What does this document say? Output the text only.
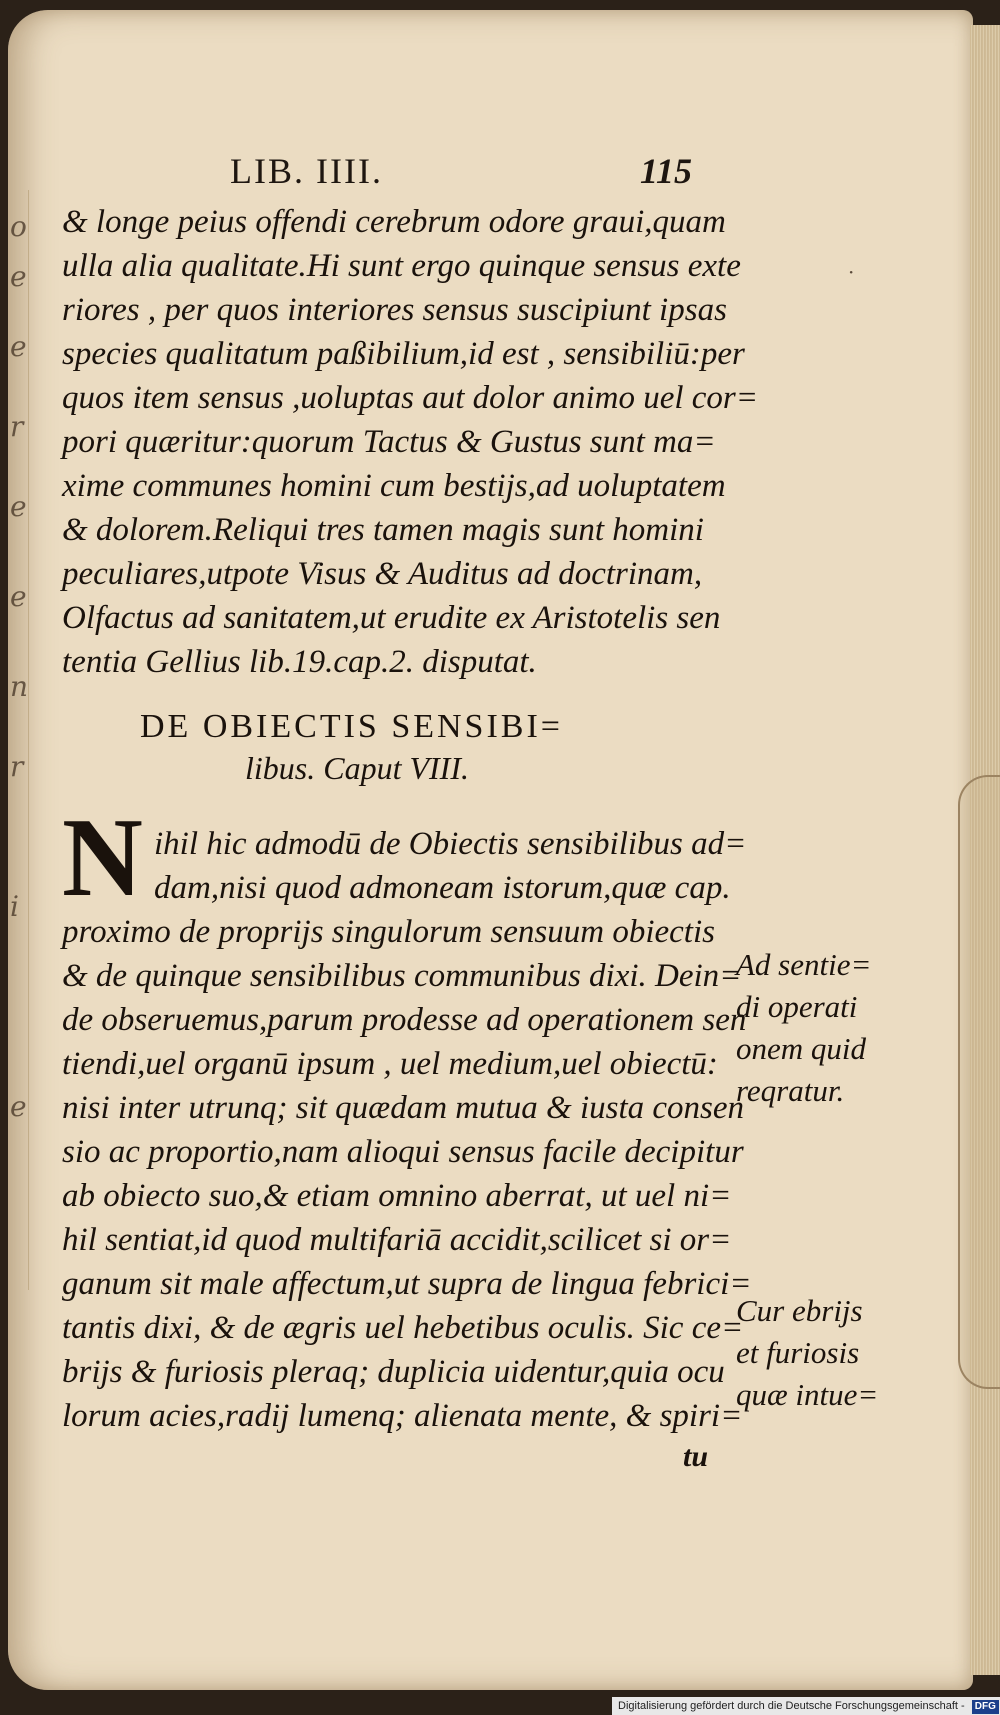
o
e
e
r
e
e
n
r
i
e
LIB. IIII.	115
·
& longe peius offendi cerebrum odore graui,quam
ulla alia qualitate.Hi sunt ergo quinque sensus exte
riores , per quos interiores sensus suscipiunt ipsas
species qualitatum paßibilium,id est , sensibiliū:per
quos item sensus ,uoluptas aut dolor animo uel cor=
pori quæritur:quorum Tactus & Gustus sunt ma=
xime communes homini cum bestijs,ad uoluptatem
& dolorem.Reliqui tres tamen magis sunt homini
peculiares,utpote Visus & Auditus ad doctrinam,
Olfactus ad sanitatem,ut erudite ex Aristotelis sen
tentia Gellius lib.19.cap.2. disputat.
DE OBIECTIS SENSIBI=
libus. Caput VIII.
N ihil hic admodū de Obiectis sensibilibus ad=
dam,nisi quod admoneam istorum,quæ cap.
proximo de proprijs singulorum sensuum obiectis
& de quinque sensibilibus communibus dixi. Dein=
de obseruemus,parum prodesse ad operationem sen
tiendi,uel organū ipsum , uel medium,uel obiectū:
nisi inter utrunq; sit quædam mutua & iusta consen
sio ac proportio,nam alioqui sensus facile decipitur
ab obiecto suo,& etiam omnino aberrat, ut uel ni=
hil sentiat,id quod multifariā accidit,scilicet si or=
ganum sit male affectum,ut supra de lingua febrici=
tantis dixi, & de ægris uel hebetibus oculis. Sic ce=
brijs & furiosis pleraq; duplicia uidentur,quia ocu
lorum acies,radij lumenq; alienata mente, & spiri=
tu
Ad sentie=
di operati
onem quid
reqratur.
Cur ebrijs
et furiosis
quæ intue=
Digitalisierung gefördert durch die Deutsche Forschungsgemeinschaft - DFG
